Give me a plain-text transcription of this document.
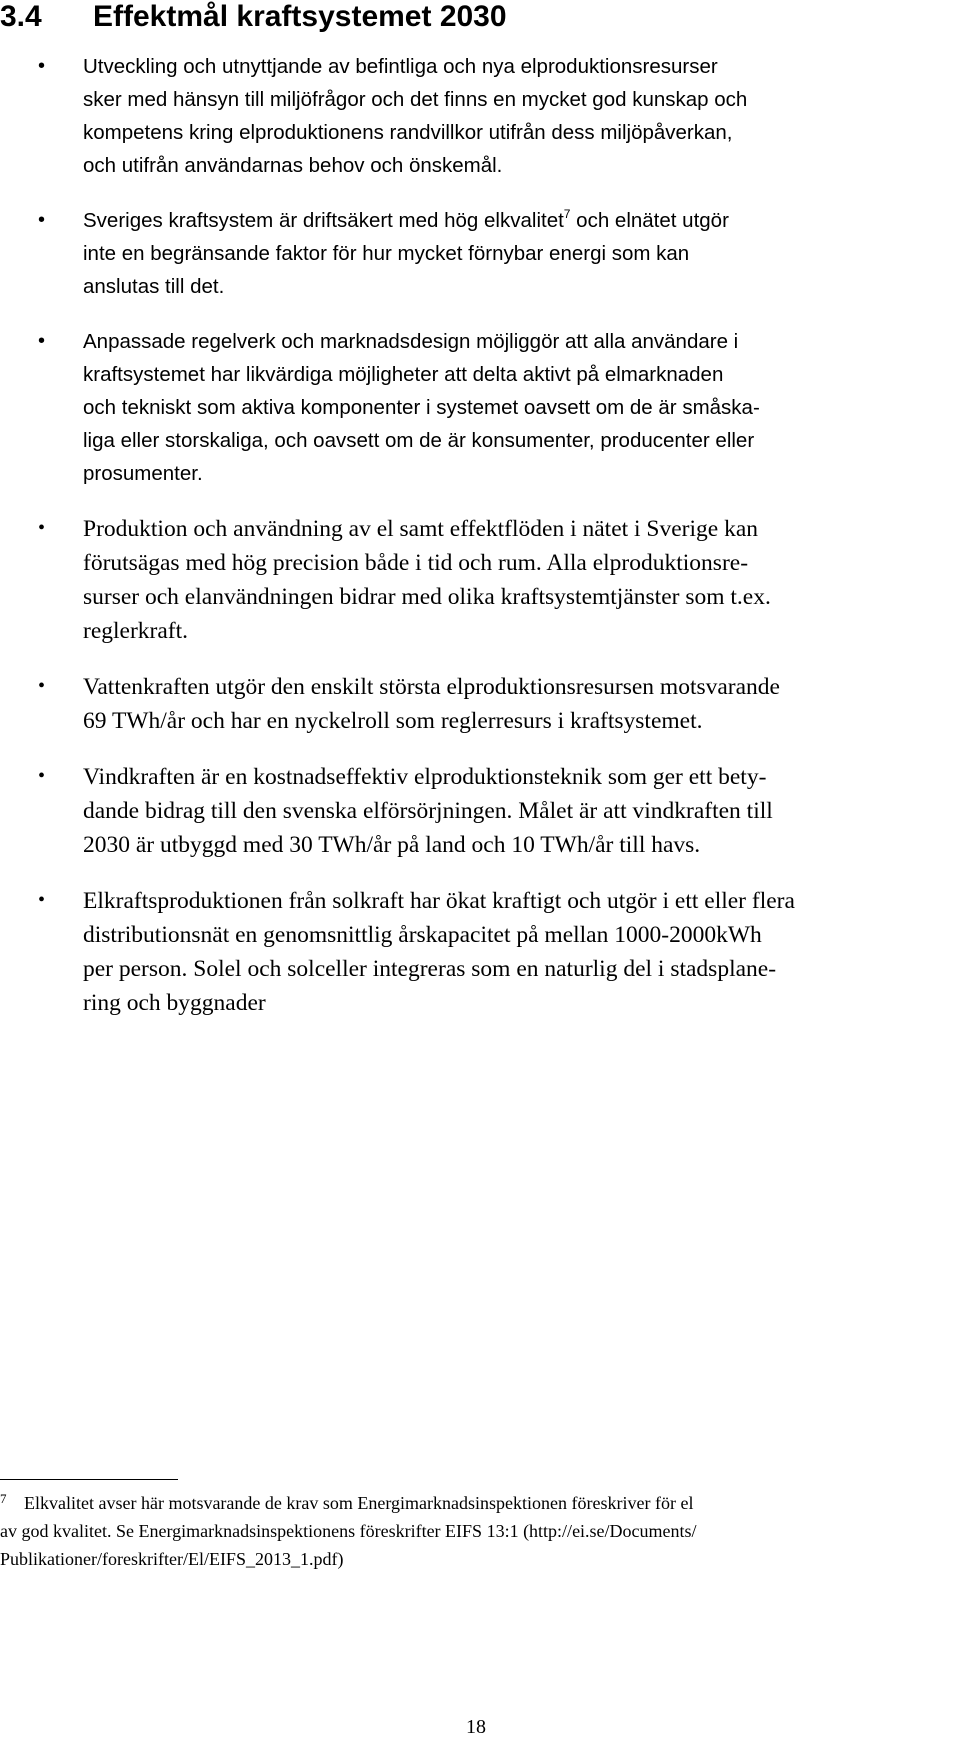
3.4 Effektmål kraftsystemet 2030
• Utveckling och utnyttjande av befintliga och nya elproduktionsresurser
sker med hänsyn till miljöfrågor och det finns en mycket god kunskap och
kompetens kring elproduktionens randvillkor utifrån dess miljöpåverkan,
och utifrån användarnas behov och önskemål.
• Sveriges kraftsystem är driftsäkert med hög elkvalitet$^7$ och elnätet utgör
inte en begränsande faktor för hur mycket förnybar energi som kan
anslutas till det.
• Anpassade regelverk och marknadsdesign möjliggör att alla användare i
kraftsystemet har likvärdiga möjligheter att delta aktivt på elmarknaden
och tekniskt som aktiva komponenter i systemet oavsett om de är småska-
liga eller storskaliga, och oavsett om de är konsumenter, producenter eller
prosumenter.
• Produktion och användning av el samt effektflöden i nätet i Sverige kan
förutsägas med hög precision både i tid och rum. Alla elproduktionsre-
surser och elanvändningen bidrar med olika kraftsystemtjänster som t.ex.
reglerkraft.
• Vattenkraften utgör den enskilt största elproduktionsresursen motsvarande
69 TWh/år och har en nyckelroll som reglerresurs i kraftsystemet.
• Vindkraften är en kostnadseffektiv elproduktionsteknik som ger ett bety-
dande bidrag till den svenska elförsörjningen. Målet är att vindkraften till
2030 är utbyggd med 30 TWh/år på land och 10 TWh/år till havs.
• Elkraftsproduktionen från solkraft har ökat kraftigt och utgör i ett eller flera
distributionsnät en genomsnittlig årskapacitet på mellan 1000-2000kWh
per person. Solel och solceller integreras som en naturlig del i stadsplane-
ring och byggnader
7 Elkvalitet avser här motsvarande de krav som Energimarknadsinspektionen föreskriver för el
av god kvalitet. Se Energimarknadsinspektionens föreskrifter EIFS 13:1 (http://ei.se/Documents/
Publikationer/foreskrifter/El/EIFS_2013_1.pdf)
18
